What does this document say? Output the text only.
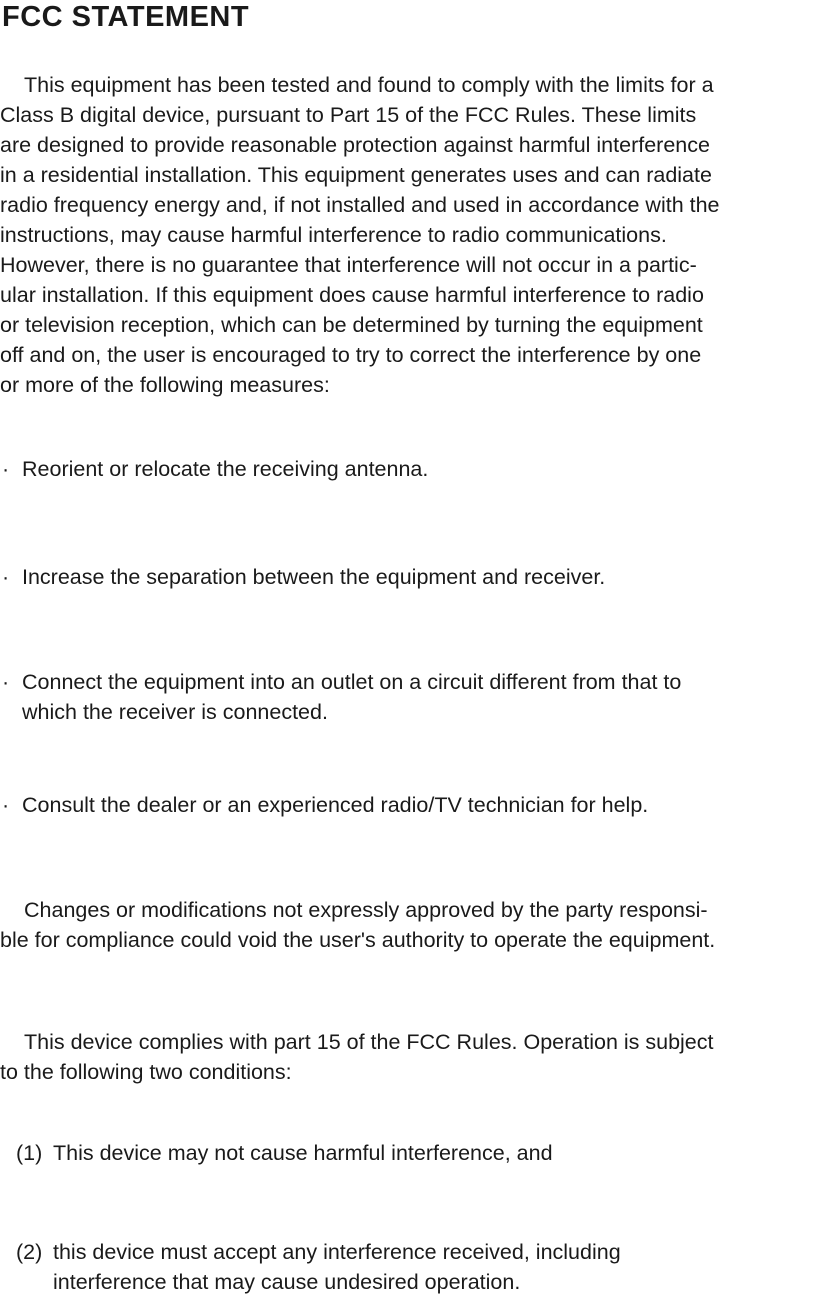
FCC STATEMENT
This equipment has been tested and found to comply with the limits for a
Class B digital device, pursuant to Part 15 of the FCC Rules. These limits
are designed to provide reasonable protection against harmful interference
in a residential installation. This equipment generates uses and can radiate
radio frequency energy and, if not installed and used in accordance with the
instructions, may cause harmful interference to radio communications.
However, there is no guarantee that interference will not occur in a partic-
ular installation. If this equipment does cause harmful interference to radio
or television reception, which can be determined by turning the equipment
off and on, the user is encouraged to try to correct the interference by one
or more of the following measures:
· Reorient or relocate the receiving antenna.
· Increase the separation between the equipment and receiver.
· Connect the equipment into an outlet on a circuit different from that to
which the receiver is connected.
· Consult the dealer or an experienced radio/TV technician for help.
Changes or modifications not expressly approved by the party responsi-
ble for compliance could void the user's authority to operate the equipment.
This device complies with part 15 of the FCC Rules. Operation is subject
to the following two conditions:
(1) This device may not cause harmful interference, and
(2) this device must accept any interference received, including
interference that may cause undesired operation.
